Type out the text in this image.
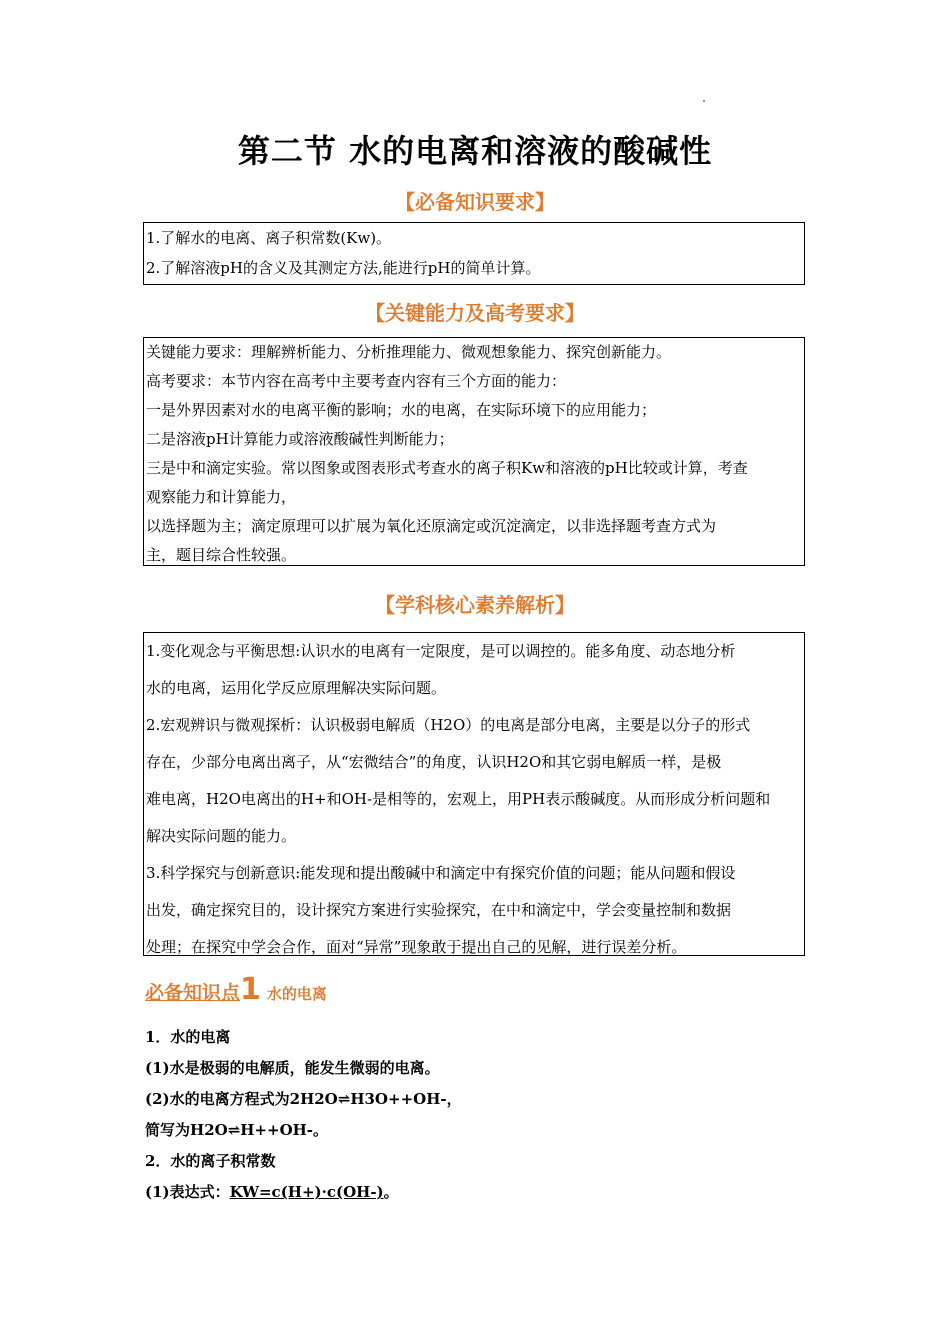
第二节 水的电离和溶液的酸碱性
【必备知识要求】
1.了解水的电离、离子积常数(Kw)。
2.了解溶液pH的含义及其测定方法,能进行pH的简单计算。
【关键能力及高考要求】
关键能力要求：理解辨析能力、分析推理能力、微观想象能力、探究创新能力。
高考要求：本节内容在高考中主要考查内容有三个方面的能力：
一是外界因素对水的电离平衡的影响；水的电离，在实际环境下的应用能力；
二是溶液pH计算能力或溶液酸碱性判断能力；
三是中和滴定实验。常以图象或图表形式考查水的离子积Kw和溶液的pH比较或计算，考查
观察能力和计算能力，
以选择题为主；滴定原理可以扩展为氧化还原滴定或沉淀滴定，以非选择题考查方式为
主，题目综合性较强。
【学科核心素养解析】
1.变化观念与平衡思想:认识水的电离有一定限度，是可以调控的。能多角度、动态地分析
水的电离，运用化学反应原理解决实际问题。
2.宏观辨识与微观探析：认识极弱电解质（H2O）的电离是部分电离，主要是以分子的形式
存在，少部分电离出离子，从“宏微结合”的角度，认识H2O和其它弱电解质一样，是极
难电离，H2O电离出的H+和OH-是相等的，宏观上，用PH表示酸碱度。从而形成分析问题和
解决实际问题的能力。
3.科学探究与创新意识:能发现和提出酸碱中和滴定中有探究价值的问题；能从问题和假设
出发，确定探究目的，设计探究方案进行实验探究，在中和滴定中，学会变量控制和数据
处理；在探究中学会合作，面对“异常”现象敢于提出自己的见解，进行误差分析。
必备知识点1 水的电离
1．水的电离
(1)水是极弱的电解质，能发生微弱的电离。
(2)水的电离方程式为2H2O⇌H3O++OH-，
简写为H2O⇌H++OH-。
2．水的离子积常数
(1)表达式：KW=c(H+)·c(OH-)。
